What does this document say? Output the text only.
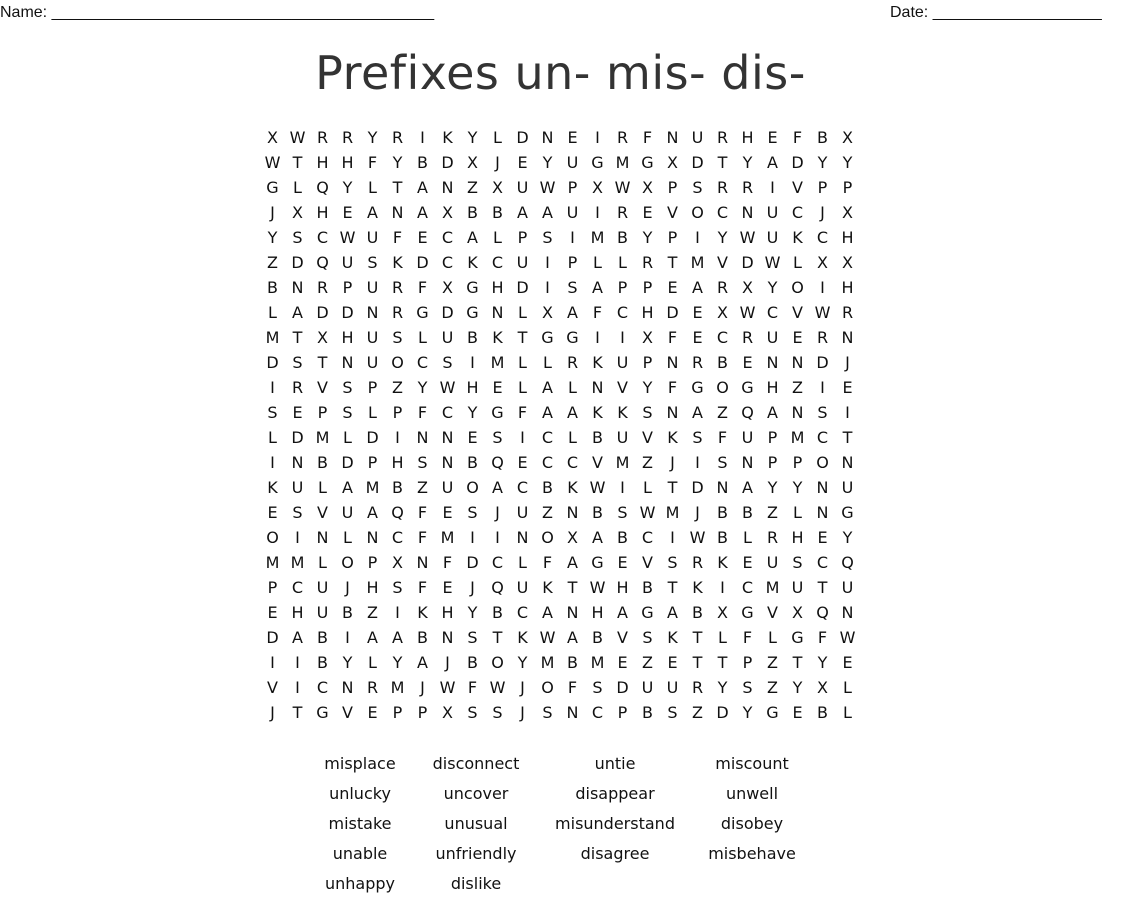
Name: ___________________________________________	Date: ___________________
Prefixes un- mis- dis-
X W R R Y R	I	K Y L D N E	I	R F N U R H E F B X
W T H H F Y B D X	J	E Y U G M G X D T Y A D Y Y
G L Q Y L T A N Z X U W P X W X P S R R	I	V P P
J	X H E A N A X B B A A U	I	R E V O C N U C	J	X
Y S C W U F E C A L P S	I M B Y P	I	Y W U K C H
Z D Q U S K D C K C U	I	P L	L R T M V D W L X X
B N R P U R F X G H D	I	S A P P E A R X Y O	I	H
L A D D N R G D G N L X A F C H D E X W C V W R
M T X H U S L U B K T G G	I	I	X F E C R U E R N
D S T N U O C S	I M L	L R K U P N R B E N N D	J
I	R V S P Z Y W H E L A L N V Y F G O G H Z	I	E
S E P S L P F C Y G F A A K K S N A Z Q A N S	I
L D M L D	I	N N E S	I	C L B U V K S F U P M C T
I	N B D P H S N B Q E C C V M Z	J	I	S N P P O N
K U L A M B Z U O A C B K W I	L T D N A Y Y N U
E S V U A Q F E S	J	U Z N B S W M J	B B Z L N G
O	I	N L N C F M I	I	N O X A B C	I W B L R H E Y
M M L O P X N F D C L F A G E V S R K E U S C Q
P C U	J	H S F E	J	Q U K T W H B T K	I	C M U T U
E H U B Z	I	K H Y B C A N H A G A B X G V X Q N
D A B	I	A A B N S T K W A B V S K T L F L G F W
I	I	B Y L Y A	J	B O Y M B M E Z E T T P Z T Y E
V	I	C N R M J W F W J	O F S D U U R Y S Z Y X L
J	T G V E P P X S S	J	S N C P B S Z D Y G E B L
misplace	disconnect	untie	miscount
unlucky	uncover	disappear	unwell
mistake	unusual	misunderstand	disobey
unable	unfriendly	disagree	misbehave
unhappy	dislike
